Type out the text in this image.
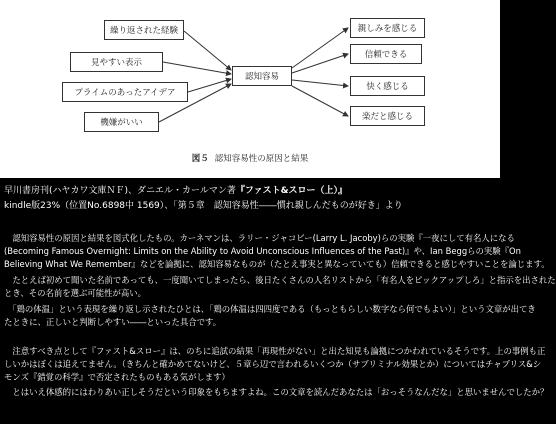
繰り返された経験
見やすい表示
プライムのあったアイデア
機嫌がいい
認知容易
親しみを感じる
信頼できる
快く感じる
楽だと感じる
図５ 認知容易性の原因と結果
早川書房刊(ハヤカワ文庫ＮＦ)、ダニエル・カールマン著『ファスト&スロー（上）』
kindle版23%（位置No.6898中 1569）、「第５章　認知容易性――慣れ親しんだものが好き」より
　認知容易性の原因と結果を図式化したもの。カーネマンは、ラリー・ジャコビー(Larry L. Jacoby)らの実験『一夜にして有名人になる
(Becoming Famous Overnight: Limits on the Ability to Avoid Unconscious Influences of the Past)』や、Ian Beggらの実験『On
Believing What We Remember』などを論拠に、認知容易なものが（たとえ事実と異なっていても）信頼できると感じやすいことを論じます。
　たとえば初めて聞いた名前であっても、一度聞いてしまったら、後日たくさんの人名リストから「有名人をピックアップしろ」と指示を出された
とき、その名前を選ぶ可能性が高い。
　「鶏の体温」という表現を繰り返し示されたひとは、「鶏の体温は四四度である（もっともらしい数字なら何でもよい）」という文章が出てき
たときに、正しいと判断しやすい――といった具合です。
　注意すべき点として『ファスト&スロー』は、のちに追試の結果「再現性がない」と出た知見も論拠につかわれているそうです。上の事例も正
しいかはぼくは追えてません。（きちんと確かめてないけど、５章ら辺で言われるいくつか（サブリミナル効果とか）についてはチャブリス&シ
モンズ『錯覚の科学』で否定されたものもある気がします）
　とはいえ体感的にはわりあい正しそうだという印象をもちますよね。この文章を読んだあなたは「おっそうなんだな」と思いませんでしたか？
